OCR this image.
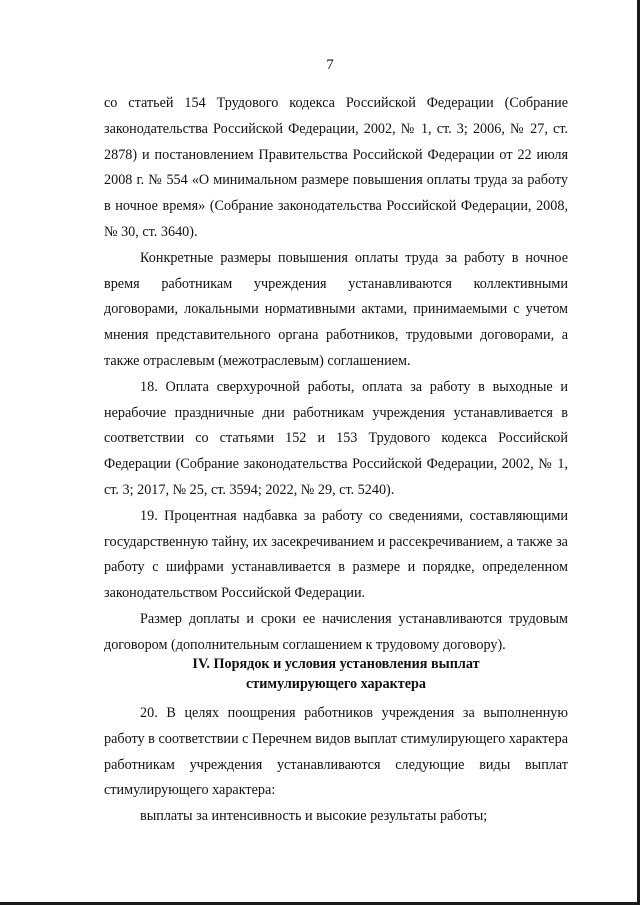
7

со статьей 154 Трудового кодекса Российской Федерации (Собрание законодательства Российской Федерации, 2002, № 1, ст. 3; 2006, № 27, ст. 2878) и постановлением Правительства Российской Федерации от 22 июля 2008 г. № 554 «О минимальном размере повышения оплаты труда за работу в ночное время» (Собрание законодательства Российской Федерации, 2008, № 30, ст. 3640).

Конкретные размеры повышения оплаты труда за работу в ночное время работникам учреждения устанавливаются коллективными договорами, локальными нормативными актами, принимаемыми с учетом мнения представительного органа работников, трудовыми договорами, а также отраслевым (межотраслевым) соглашением.

18. Оплата сверхурочной работы, оплата за работу в выходные и нерабочие праздничные дни работникам учреждения устанавливается в соответствии со статьями 152 и 153 Трудового кодекса Российской Федерации (Собрание законодательства Российской Федерации, 2002, № 1, ст. 3; 2017, № 25, ст. 3594; 2022, № 29, ст. 5240).

19. Процентная надбавка за работу со сведениями, составляющими государственную тайну, их засекречиванием и рассекречиванием, а также за работу с шифрами устанавливается в размере и порядке, определенном законодательством Российской Федерации.

Размер доплаты и сроки ее начисления устанавливаются трудовым договором (дополнительным соглашением к трудовому договору).

IV. Порядок и условия установления выплат
стимулирующего характера

20. В целях поощрения работников учреждения за выполненную работу в соответствии с Перечнем видов выплат стимулирующего характера работникам учреждения устанавливаются следующие виды выплат стимулирующего характера:

выплаты за интенсивность и высокие результаты работы;
